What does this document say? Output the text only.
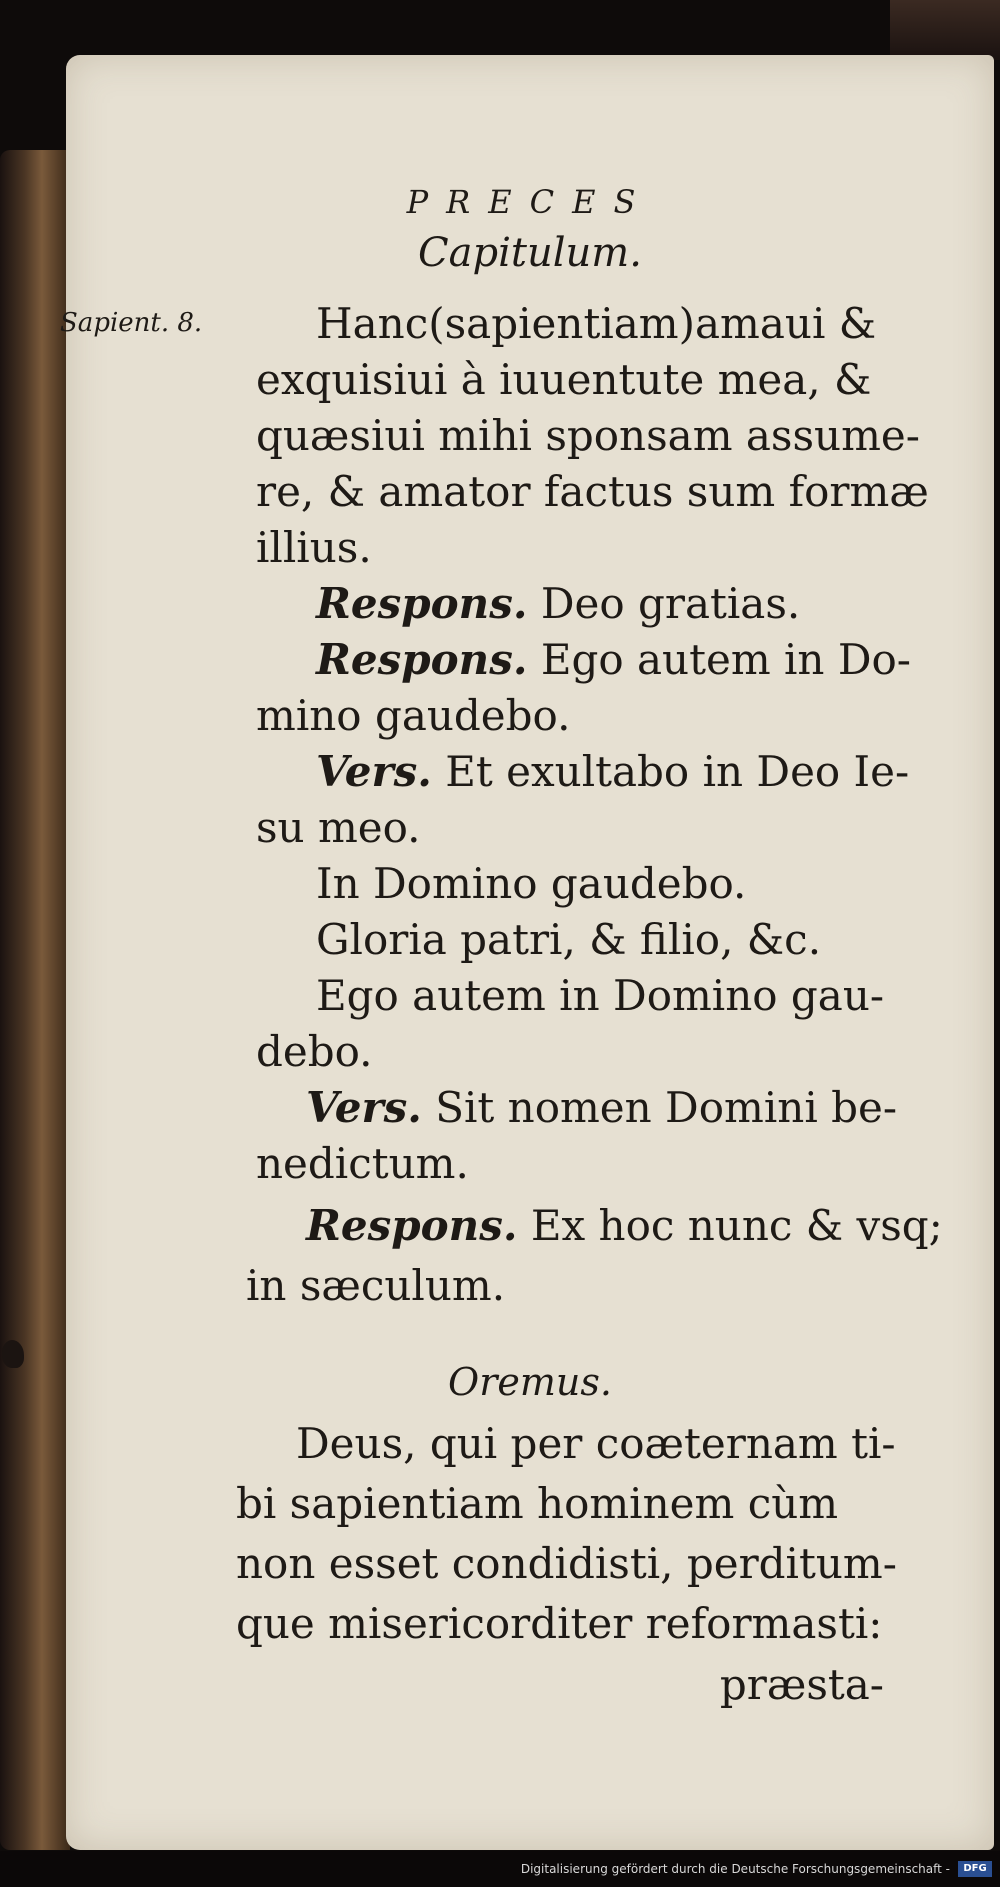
PRECES
Capitulum.
Sapient. 8.	Hanc(sapientiam)amaui &
exquisiui à iuuentute mea, &
quæsiui mihi sponsam assume-
re, & amator factus sum formæ
illius.
Respons. Deo gratias.
Respons. Ego autem in Do-
mino gaudebo.
Vers. Et exultabo in Deo Ie-
su meo.
In Domino gaudebo.
Gloria patri, & filio, &c.
Ego autem in Domino gau-
debo.
Vers. Sit nomen Domini be-
nedictum.
Respons. Ex hoc nunc & vsq;
in sæculum.
Oremus.
Deus, qui per coæternam ti-
bi sapientiam hominem cùm
non esset condidisti, perditum-
que misericorditer reformasti:
præsta-
Digitalisierung gefördert durch die Deutsche Forschungsgemeinschaft -	DFG
